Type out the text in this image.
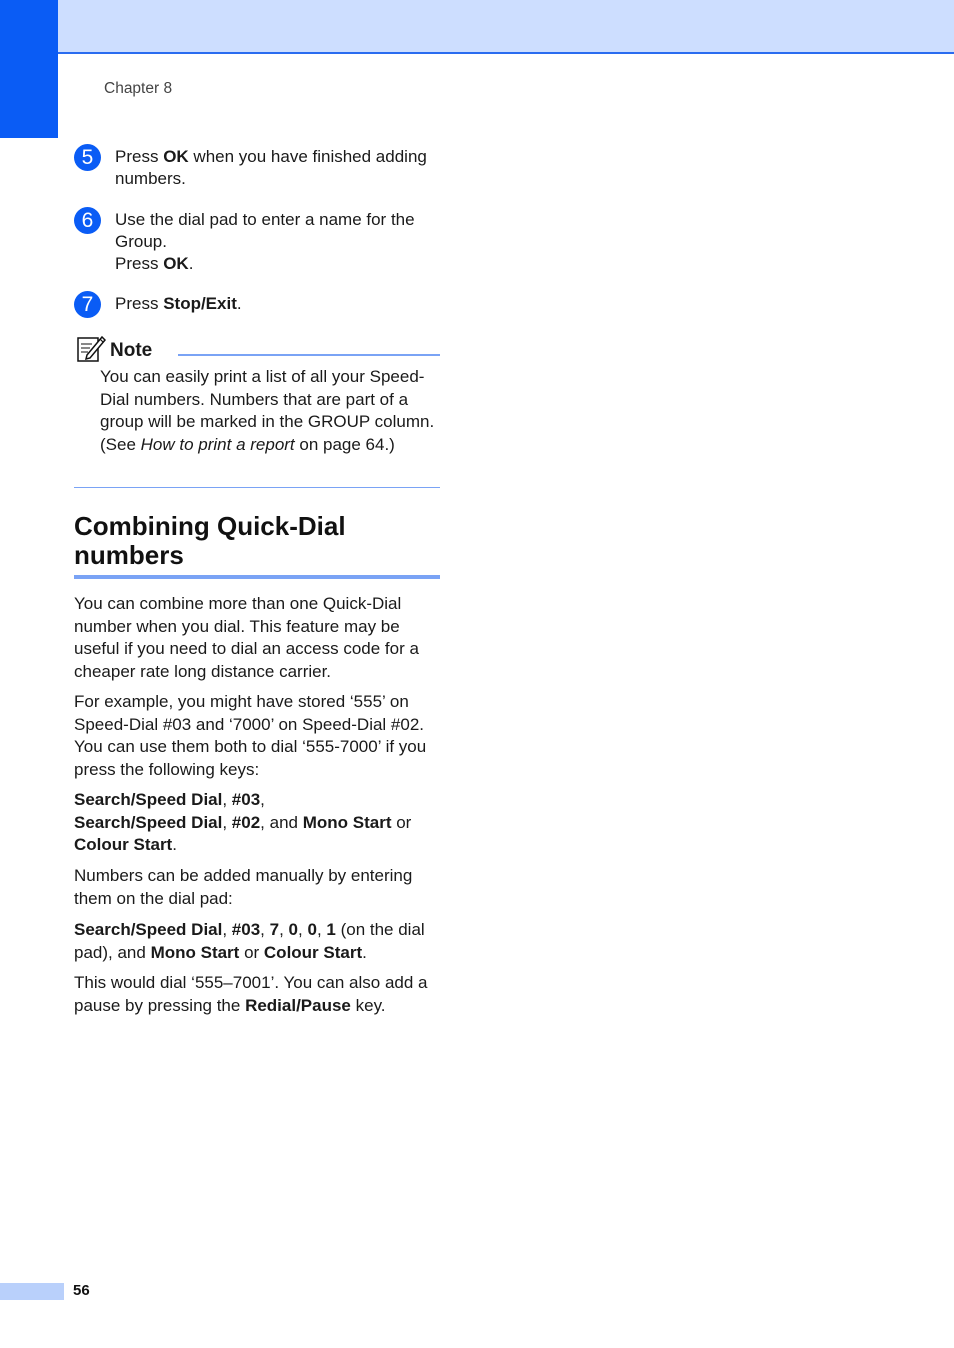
Chapter 8
5	Press OK when you have finished adding numbers.
6	Use the dial pad to enter a name for the Group.
Press OK.
7	Press Stop/Exit.
Note
You can easily print a list of all your Speed-Dial numbers. Numbers that are part of a group will be marked in the GROUP column. (See How to print a report on page 64.)
Combining Quick-Dial numbers
You can combine more than one Quick-Dial number when you dial. This feature may be useful if you need to dial an access code for a cheaper rate long distance carrier.
For example, you might have stored ‘555’ on Speed-Dial #03 and ‘7000’ on Speed-Dial #02. You can use them both to dial ‘555-7000’ if you press the following keys:
Search/Speed Dial, #03,
Search/Speed Dial, #02, and Mono Start or Colour Start.
Numbers can be added manually by entering them on the dial pad:
Search/Speed Dial, #03, 7, 0, 0, 1 (on the dial pad), and Mono Start or Colour Start.
This would dial ‘555–7001’. You can also add a pause by pressing the Redial/Pause key.
56
